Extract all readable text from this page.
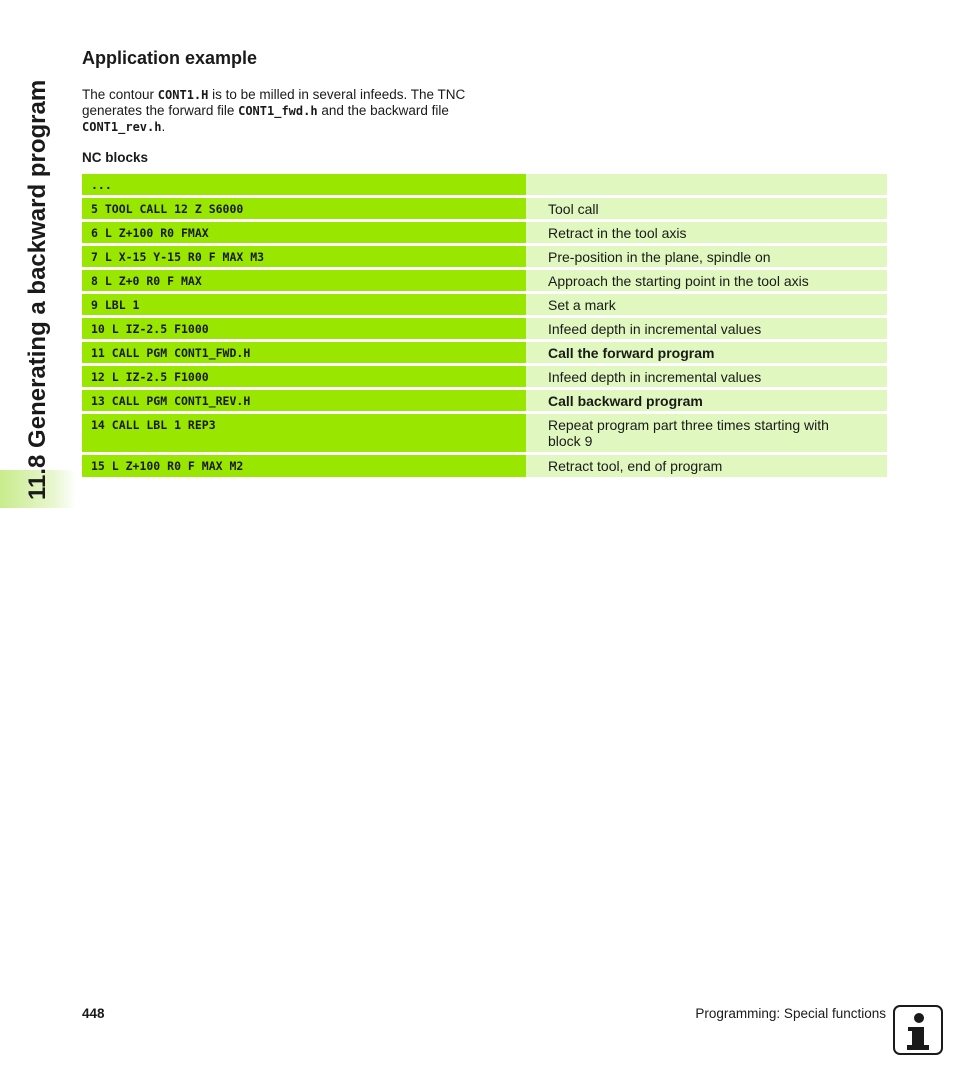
11.8 Generating a backward program
Application example

The contour CONT1.H is to be milled in several infeeds. The TNC generates the forward file CONT1_fwd.h and the backward file
CONT1_rev.h.

NC blocks
...
5 TOOL CALL 12 Z S6000	Tool call
6 L Z+100 R0 FMAX	Retract in the tool axis
7 L X-15 Y-15 R0 F MAX M3	Pre-position in the plane, spindle on
8 L Z+0 R0 F MAX	Approach the starting point in the tool axis
9 LBL 1	Set a mark
10 L IZ-2.5 F1000	Infeed depth in incremental values
11 CALL PGM CONT1_FWD.H	Call the forward program
12 L IZ-2.5 F1000	Infeed depth in incremental values
13 CALL PGM CONT1_REV.H	Call backward program
14 CALL LBL 1 REP3	Repeat program part three times starting with block 9
15 L Z+100 R0 F MAX M2	Retract tool, end of program
448	Programming: Special functions
